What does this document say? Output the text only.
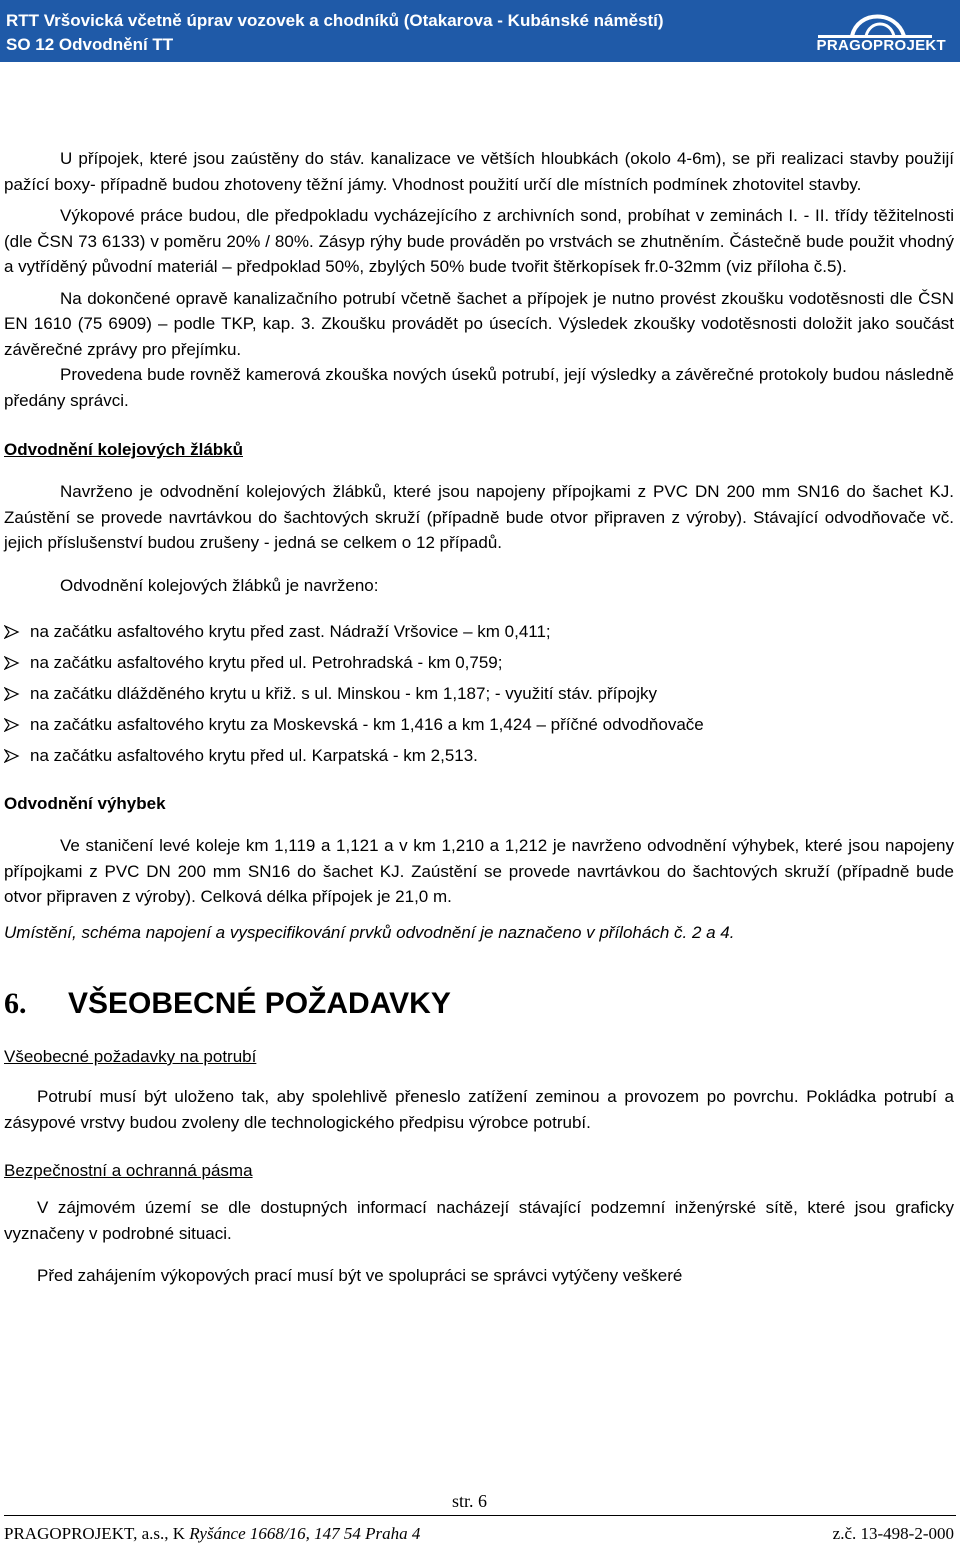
RTT Vršovická včetně úprav vozovek a chodníků (Otakarova - Kubánské náměstí)
SO 12 Odvodnění TT	PRAGOPROJEKT

U přípojek, které jsou zaústěny do stáv. kanalizace ve větších hloubkách (okolo 4-6m), se při realizaci stavby použijí pažící boxy- případně budou zhotoveny těžní jámy. Vhodnost použití určí dle místních podmínek zhotovitel stavby.

Výkopové práce budou, dle předpokladu vycházejícího z archivních sond, probíhat v zeminách I. - II. třídy těžitelnosti (dle ČSN 73 6133) v poměru 20% / 80%. Zásyp rýhy bude prováděn po vrstvách se zhutněním. Částečně bude použit vhodný a vytříděný původní materiál – předpoklad 50%, zbylých 50% bude tvořit štěrkopísek fr.0-32mm (viz příloha č.5).

Na dokončené opravě kanalizačního potrubí včetně šachet a přípojek je nutno provést zkoušku vodotěsnosti dle ČSN EN 1610 (75 6909) – podle TKP, kap. 3. Zkoušku provádět po úsecích. Výsledek zkoušky vodotěsnosti doložit jako součást závěrečné zprávy pro přejímku.

Provedena bude rovněž kamerová zkouška nových úseků potrubí, její výsledky a závěrečné protokoly budou následně předány správci.

Odvodnění kolejových žlábků

Navrženo je odvodnění kolejových žlábků, které jsou napojeny přípojkami z PVC DN 200 mm SN16 do šachet KJ. Zaústění se provede navrtávkou do šachtových skruží (případně bude otvor připraven z výroby). Stávající odvodňovače vč. jejich příslušenství budou zrušeny - jedná se celkem o 12 případů.

Odvodnění kolejových žlábků je navrženo:

na začátku asfaltového krytu před zast. Nádraží Vršovice – km 0,411;
na začátku asfaltového krytu před ul. Petrohradská - km 0,759;
na začátku dlážděného krytu u křiž. s ul. Minskou - km 1,187; - využití stáv. přípojky
na začátku asfaltového krytu za Moskevská - km 1,416 a km 1,424 – příčné odvodňovače
na začátku asfaltového krytu před ul. Karpatská - km 2,513.
Odvodnění výhybek

Ve staničení levé koleje km 1,119 a 1,121 a v km 1,210 a 1,212 je navrženo odvodnění výhybek, které jsou napojeny přípojkami z PVC DN 200 mm SN16 do šachet KJ. Zaústění se provede navrtávkou do šachtových skruží (případně bude otvor připraven z výroby). Celková délka přípojek je 21,0 m.

Umístění, schéma napojení a vyspecifikování prvků odvodnění je naznačeno v přílohách č. 2 a 4.

6. VŠEOBECNÉ POŽADAVKY
Všeobecné požadavky na potrubí

Potrubí musí být uloženo tak, aby spolehlivě přeneslo zatížení zeminou a provozem po povrchu. Pokládka potrubí a zásypové vrstvy budou zvoleny dle technologického předpisu výrobce potrubí.

Bezpečnostní a ochranná pásma

V zájmovém území se dle dostupných informací nacházejí stávající podzemní inženýrské sítě, které jsou graficky vyznačeny v podrobné situaci.

Před zahájením výkopových prací musí být ve spolupráci se správci vytýčeny veškeré

str. 6
PRAGOPROJEKT, a.s., K Ryšánce 1668/16, 147 54 Praha 4	z.č. 13-498-2-000
